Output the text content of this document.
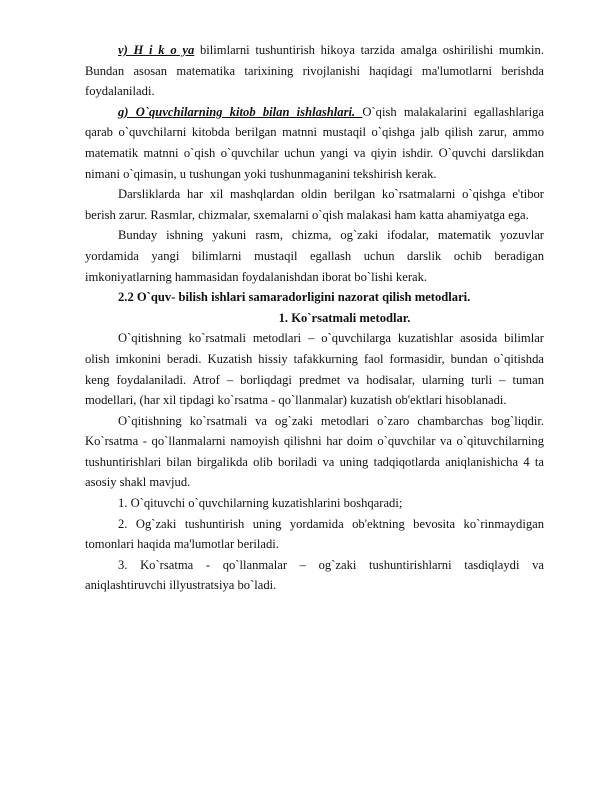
v) H i k o ya bilimlarni tushuntirish hikoya tarzida amalga oshirilishi mumkin. Bundan asosan matematika tarixining rivojlanishi haqidagi ma'lumotlarni berishda foydalaniladi.

g) O`quvchilarning kitob bilan ishlashlari. O`qish malakalarini egallashlariga qarab o`quvchilarni kitobda berilgan matnni mustaqil o`qishga jalb qilish zarur, ammo matematik matnni o`qish o`quvchilar uchun yangi va qiyin ishdir. O`quvchi darslikdan nimani o`qimasin, u tushungan yoki tushunmaganini tekshirish kerak.

Darsliklarda har xil mashqlardan oldin berilgan ko`rsatmalarni o`qishga e'tibor berish zarur. Rasmlar, chizmalar, sxemalarni o`qish malakasi ham katta ahamiyatga ega.

Bunday ishning yakuni rasm, chizma, og`zaki ifodalar, matematik yozuvlar yordamida yangi bilimlarni mustaqil egallash uchun darslik ochib beradigan imkoniyatlarning hammasidan foydalanishdan iborat bo`lishi kerak.

2.2 O`quv- bilish ishlari samaradorligini nazorat qilish metodlari.

1. Ko`rsatmali metodlar.

O`qitishning ko`rsatmali metodlari – o`quvchilarga kuzatishlar asosida bilimlar olish imkonini beradi. Kuzatish hissiy tafakkurning faol formasidir, bundan o`qitishda keng foydalaniladi. Atrof – borliqdagi predmet va hodisalar, ularning turli – tuman modellari, (har xil tipdagi ko`rsatma - qo`llanmalar) kuzatish ob'ektlari hisoblanadi.

O`qitishning ko`rsatmali va og`zaki metodlari o`zaro chambarchas bog`liqdir. Ko`rsatma - qo`llanmalarni namoyish qilishni har doim o`quvchilar va o`qituvchilarning tushuntirishlari bilan birgalikda olib boriladi va uning tadqiqotlarda aniqlanishicha 4 ta asosiy shakl mavjud.

1. O`qituvchi o`quvchilarning kuzatishlarini boshqaradi;

2. Og`zaki tushuntirish uning yordamida ob'ektning bevosita ko`rinmaydigan tomonlari haqida ma'lumotlar beriladi.

3. Ko`rsatma - qo`llanmalar – og`zaki tushuntirishlarni tasdiqlaydi va aniqlashtiruvchi illyustratsiya bo`ladi.
